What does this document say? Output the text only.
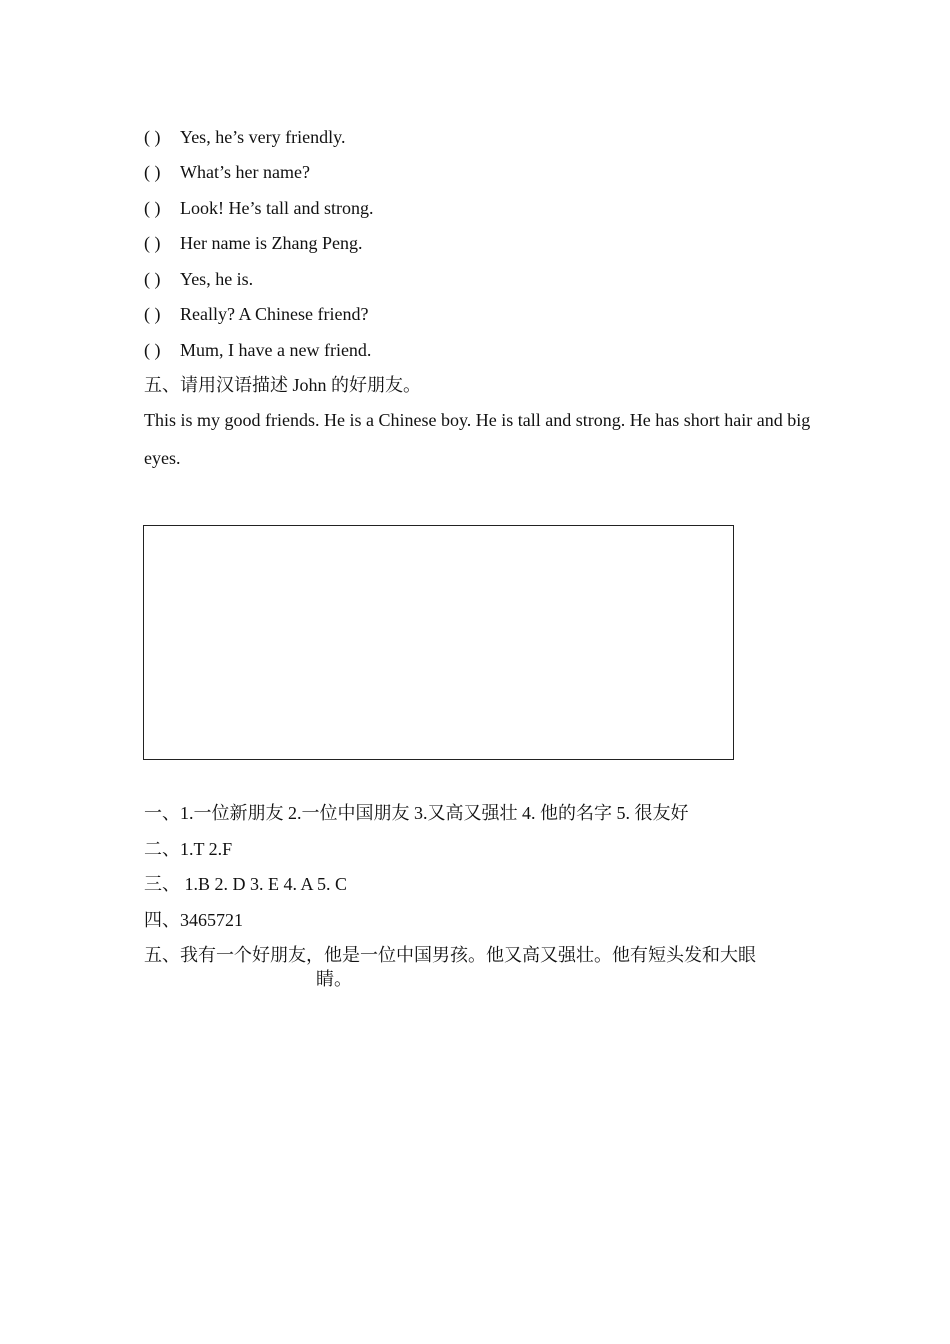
( ) Yes, he’s very friendly.
( ) What’s her name?
( ) Look! He’s tall and strong.
( ) Her name is Zhang Peng.
( ) Yes, he is.
( ) Really? A Chinese friend?
( ) Mum, I have a new friend.
五、请用汉语描述 John 的好朋友。
This is my good friends. He is a Chinese boy. He is tall and strong. He has short hair and big eyes.
一、1.一位新朋友 2.一位中国朋友 3.又高又强壮 4. 他的名字 5. 很友好
二、1.T 2.F
三、 1.B 2. D 3. E 4. A 5. C
四、3465721
五、我有一个好朋友，他是一位中国男孩。他又高又强壮。他有短头发和大眼
睛。
